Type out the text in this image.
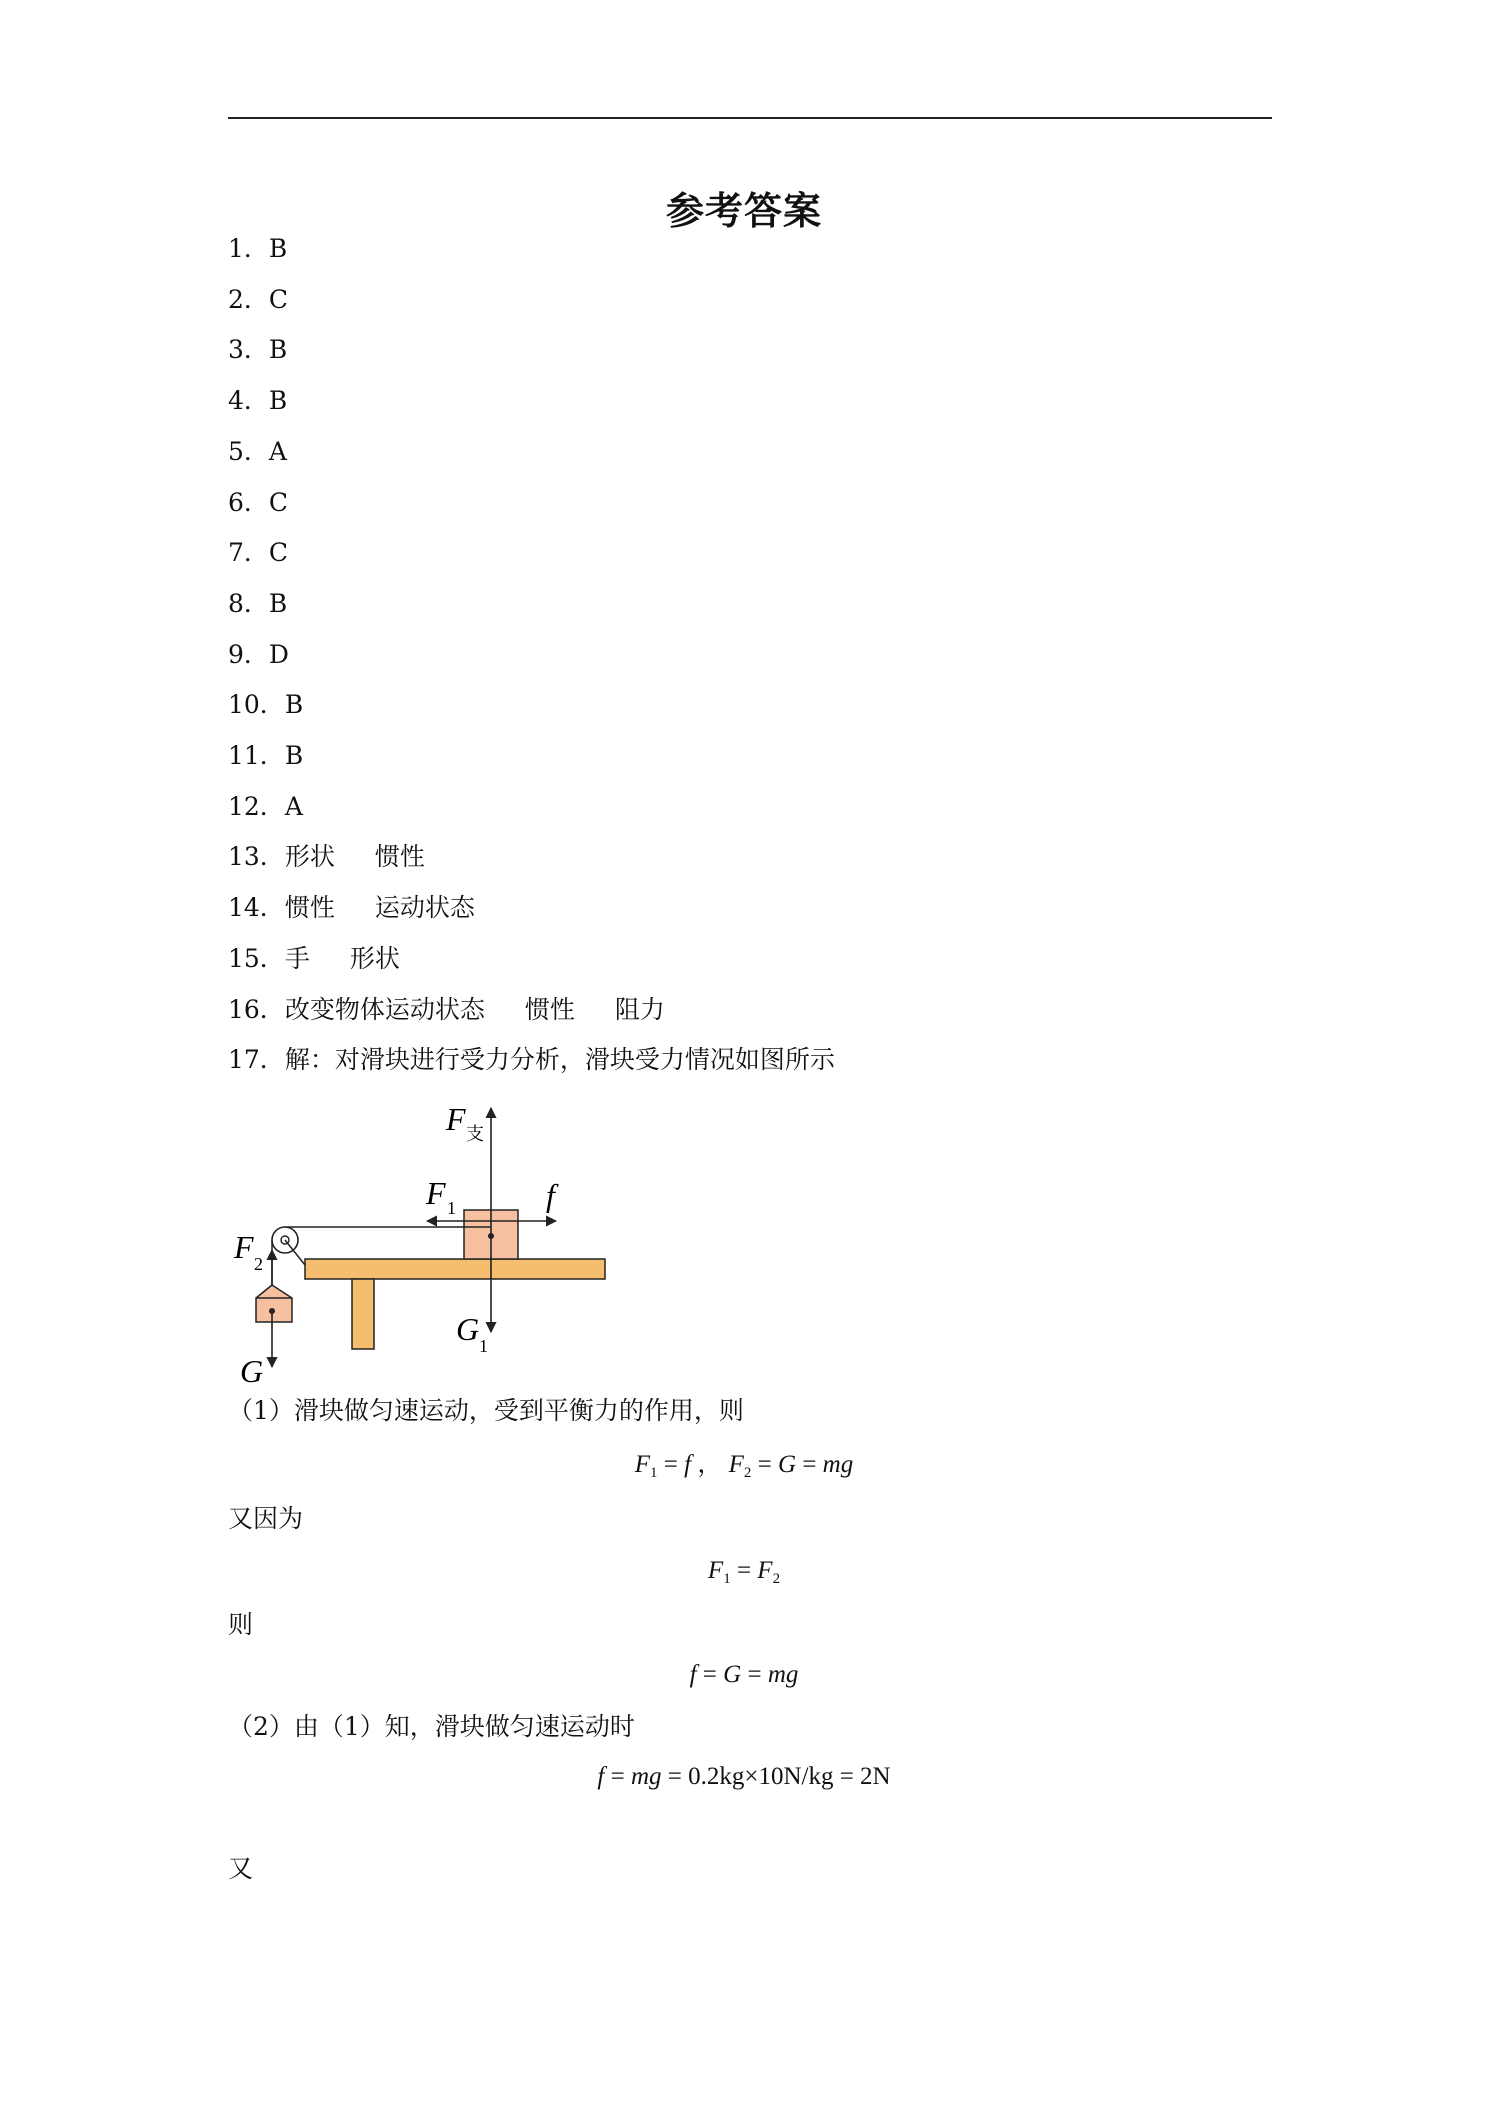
参考答案
1．B
2．C
3．B
4．B
5．A
6．C
7．C
8．B
9．D
10．B
11．B
12．A
13．形状 惯性
14．惯性 运动状态
15．手 形状
16．改变物体运动状态 惯性 阻力
17．解：对滑块进行受力分析，滑块受力情况如图所示
F 支
F 1	f
F 2
G
G 1
（1）滑块做匀速运动，受到平衡力的作用，则
$F_1 = f$ ， $F_2 = G$ = mg
又因为
$F_1 = F_2$
则
f = G = mg
（2）由（1）知，滑块做匀速运动时
f = mg = 0.2kg×10N/kg = 2N
又
